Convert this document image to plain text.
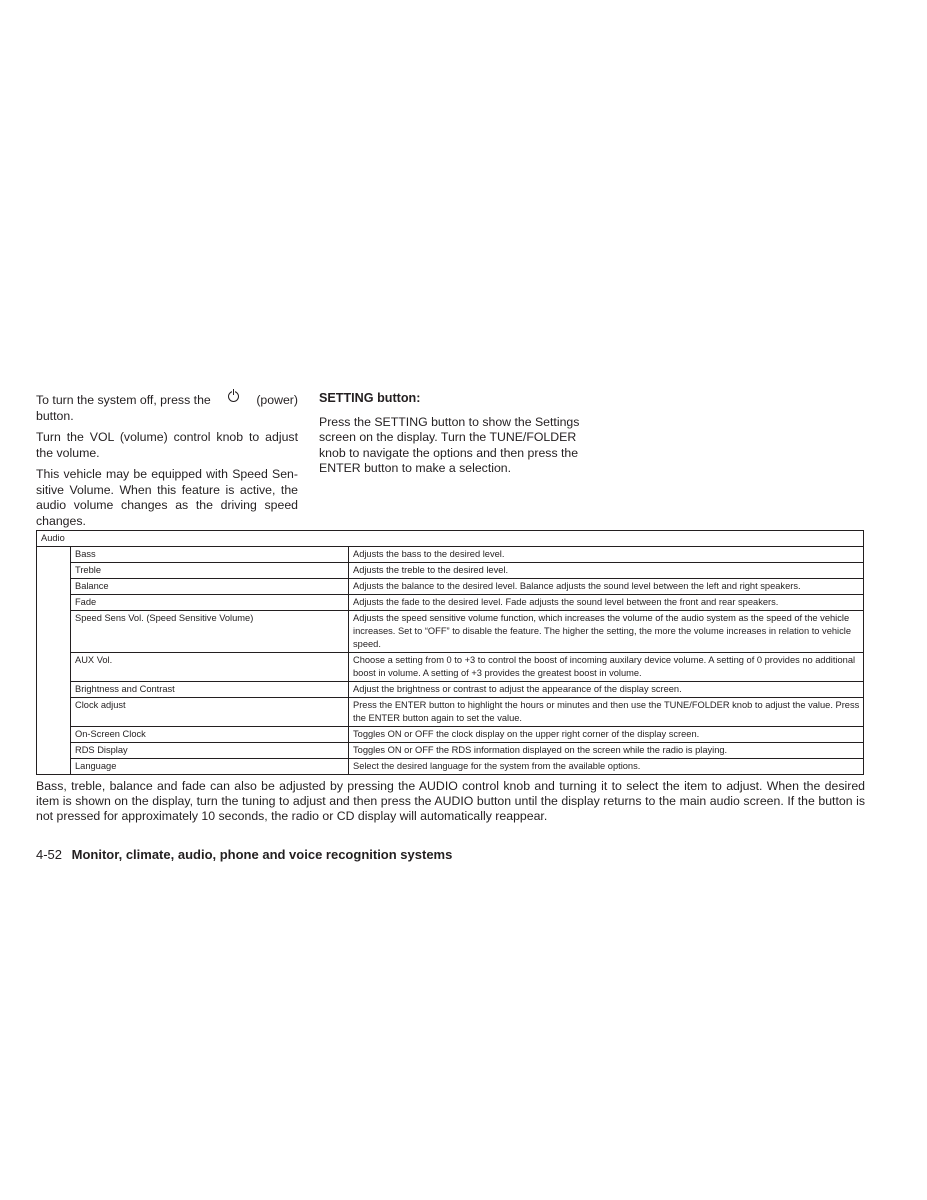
To turn the system off, press the	(power)

button.

Turn the VOL (volume) control knob to adjust the volume.

This vehicle may be equipped with Speed Sensitive Volume. When this feature is active, the audio volume changes as the driving speed changes.

SETTING button:

Press the SETTING button to show the Settings screen on the display. Turn the TUNE/FOLDER knob to navigate the options and then press the ENTER button to make a selection.

Audio		
	Bass	Adjusts the bass to the desired level.
	Treble	Adjusts the treble to the desired level.
	Balance	Adjusts the balance to the desired level. Balance adjusts the sound level between the left and right speakers.
	Fade	Adjusts the fade to the desired level. Fade adjusts the sound level between the front and rear speakers.
	Speed Sens Vol. (Speed Sensitive Volume)	Adjusts the speed sensitive volume function, which increases the volume of the audio system as the speed of the vehicle increases. Set to “OFF” to disable the feature. The higher the setting, the more the volume increases in relation to vehicle speed.
	AUX Vol.	Choose a setting from 0 to +3 to control the boost of incoming auxilary device volume. A setting of 0 provides no additional boost in volume. A setting of +3 provides the greatest boost in volume.
	Brightness and Contrast	Adjust the brightness or contrast to adjust the appearance of the display screen.
	Clock adjust	Press the ENTER button to highlight the hours or minutes and then use the TUNE/FOLDER knob to adjust the value. Press the ENTER button again to set the value.
	On-Screen Clock	Toggles ON or OFF the clock display on the upper right corner of the display screen.
	RDS Display	Toggles ON or OFF the RDS information displayed on the screen while the radio is playing.
	Language	Select the desired language for the system from the available options.

Bass, treble, balance and fade can also be adjusted by pressing the AUDIO control knob and turning it to select the item to adjust. When the desired item is shown on the display, turn the tuning to adjust and then press the AUDIO button until the display returns to the main audio screen. If the button is not pressed for approximately 10 seconds, the radio or CD display will automatically reappear.

4-52 Monitor, climate, audio, phone and voice recognition systems
